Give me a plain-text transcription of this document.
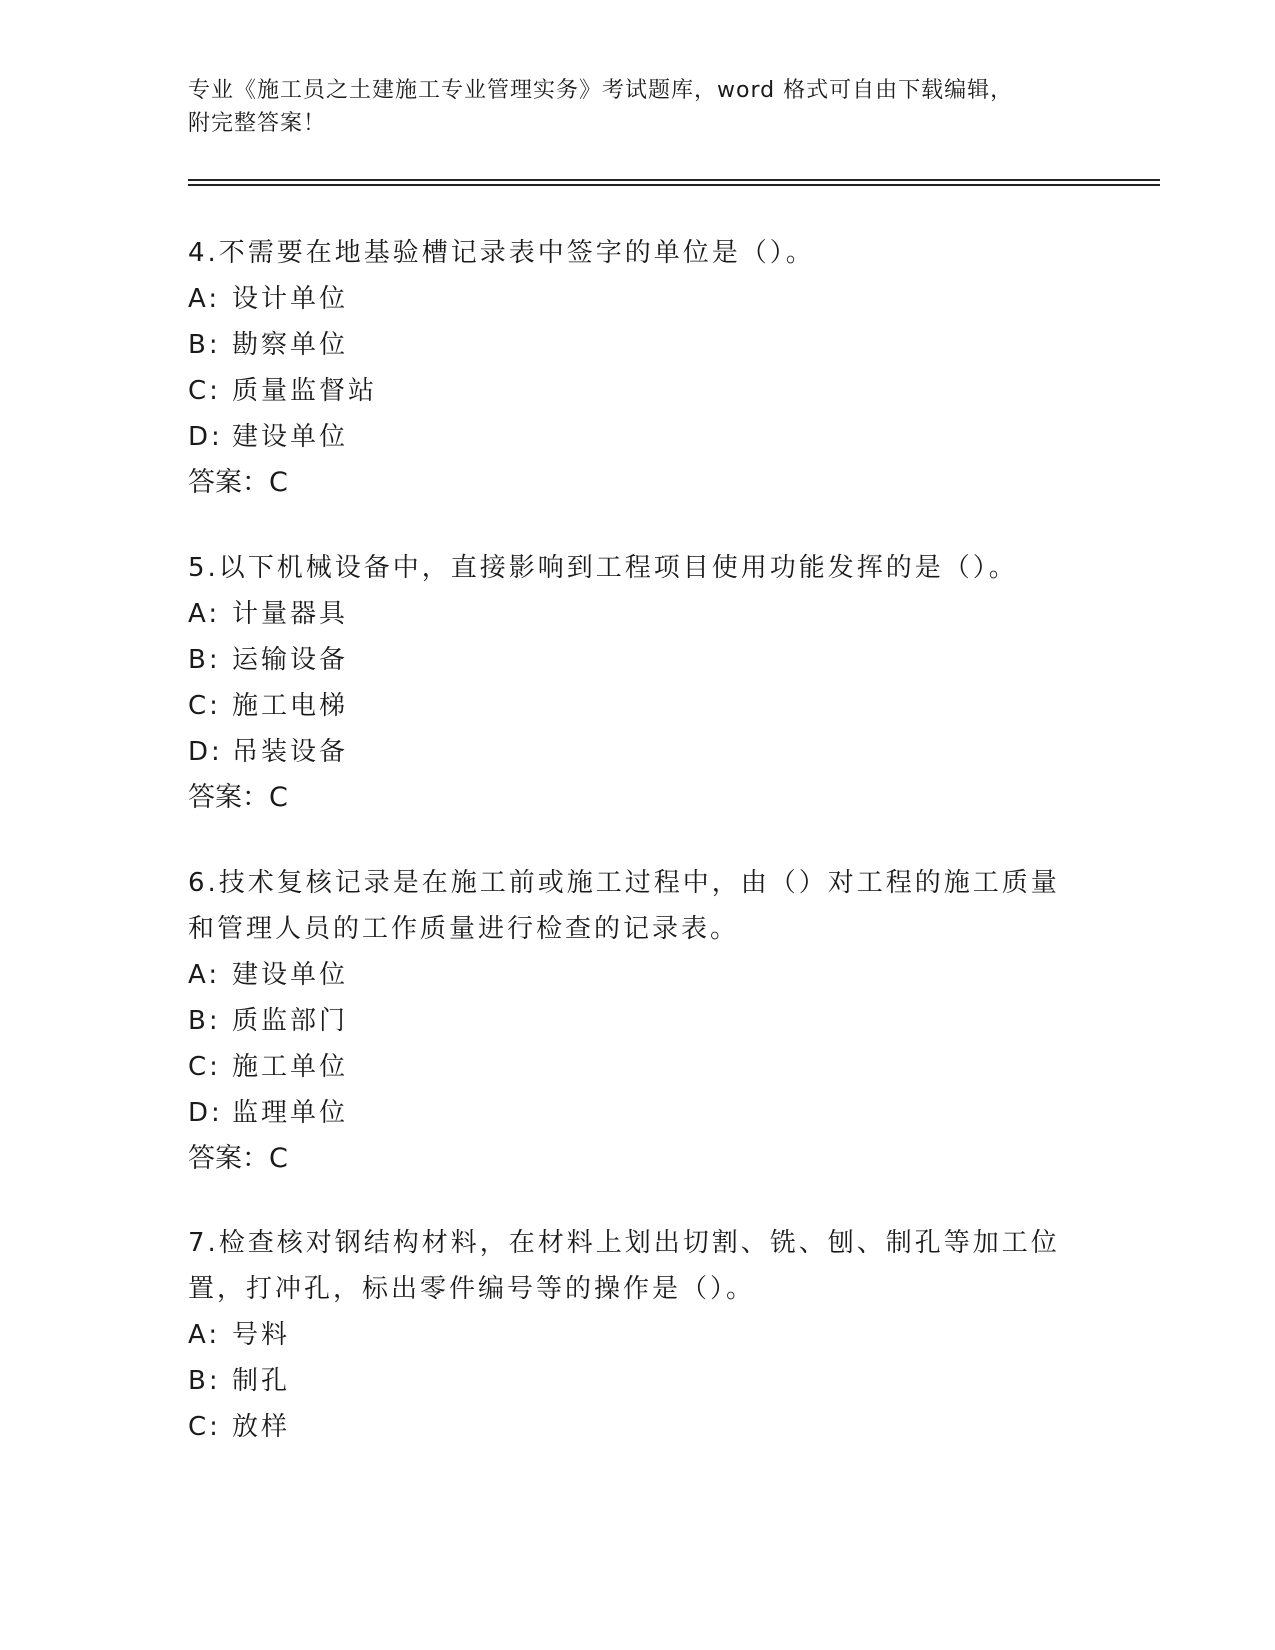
专业《施工员之土建施工专业管理实务》考试题库，word 格式可自由下载编辑，
附完整答案！
4.不需要在地基验槽记录表中签字的单位是（）。
A: 设计单位
B: 勘察单位
C: 质量监督站
D: 建设单位
答案：C
5.以下机械设备中，直接影响到工程项目使用功能发挥的是（）。
A: 计量器具
B: 运输设备
C: 施工电梯
D: 吊装设备
答案：C
6.技术复核记录是在施工前或施工过程中，由（）对工程的施工质量
和管理人员的工作质量进行检查的记录表。
A: 建设单位
B: 质监部门
C: 施工单位
D: 监理单位
答案：C
7.检查核对钢结构材料，在材料上划出切割、铣、刨、制孔等加工位
置，打冲孔，标出零件编号等的操作是（）。
A: 号料
B: 制孔
C: 放样
